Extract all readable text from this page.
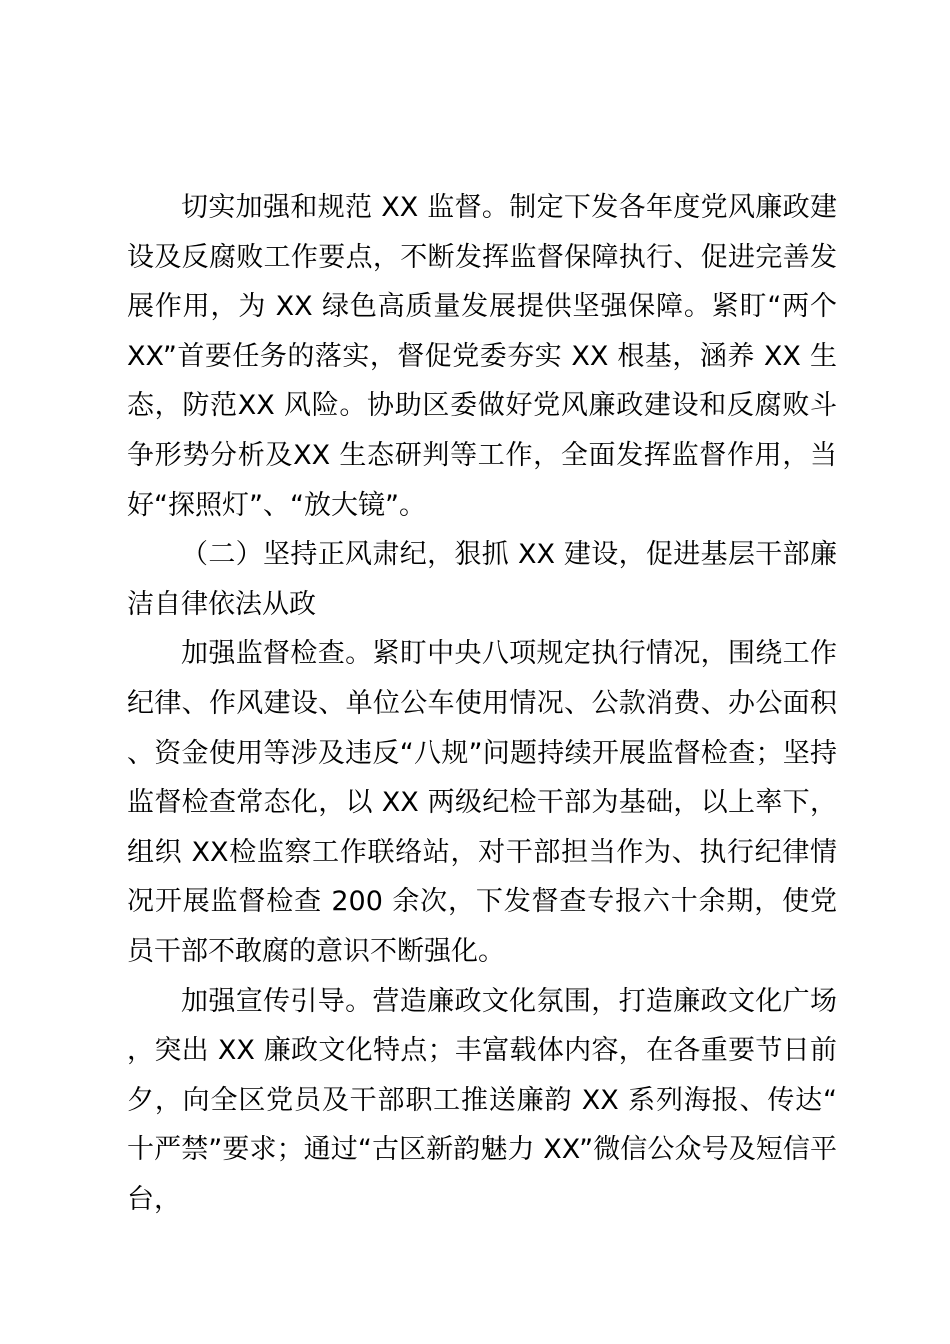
切实加强和规范 XX 监督。制定下发各年度党风廉政建设及反腐败工作要点，不断发挥监督保障执行、促进完善发展作用，为 XX 绿色高质量发展提供坚强保障。紧盯“两个 XX”首要任务的落实，督促党委夯实 XX 根基，涵养 XX 生态，防范XX 风险。协助区委做好党风廉政建设和反腐败斗争形势分析及XX 生态研判等工作，全面发挥监督作用，当好“探照灯”、“放大镜”。

（二）坚持正风肃纪，狠抓 XX 建设，促进基层干部廉洁自律依法从政

加强监督检查。紧盯中央八项规定执行情况，围绕工作纪律、作风建设、单位公车使用情况、公款消费、办公面积、资金使用等涉及违反“八规”问题持续开展监督检查；坚持监督检查常态化，以 XX 两级纪检干部为基础，以上率下，组织 XX检监察工作联络站，对干部担当作为、执行纪律情况开展监督检查 200 余次，下发督查专报六十余期，使党员干部不敢腐的意识不断强化。

加强宣传引导。营造廉政文化氛围，打造廉政文化广场，突出 XX 廉政文化特点；丰富载体内容，在各重要节日前夕，向全区党员及干部职工推送廉韵 XX 系列海报、传达“十严禁”要求；通过“古区新韵魅力 XX”微信公众号及短信平台，
